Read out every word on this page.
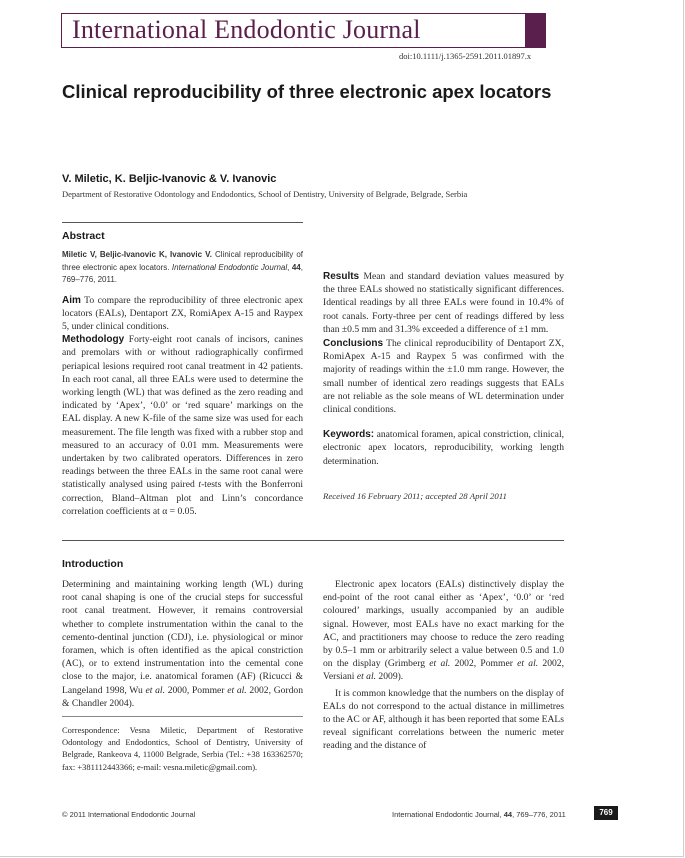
International Endodontic Journal
doi:10.1111/j.1365-2591.2011.01897.x
Clinical reproducibility of three electronic apex locators
V. Miletic, K. Beljic-Ivanovic & V. Ivanovic
Department of Restorative Odontology and Endodontics, School of Dentistry, University of Belgrade, Belgrade, Serbia
Abstract

Miletic V, Beljic-Ivanovic K, Ivanovic V. Clinical reproducibility of three electronic apex locators. International Endodontic Journal, 44, 769–776, 2011.

Aim To compare the reproducibility of three electronic apex locators (EALs), Dentaport ZX, RomiApex A-15 and Raypex 5, under clinical conditions.

Methodology Forty-eight root canals of incisors, canines and premolars with or without radiographically confirmed periapical lesions required root canal treatment in 42 patients. In each root canal, all three EALs were used to determine the working length (WL) that was defined as the zero reading and indicated by ‘Apex’, ‘0.0’ or ‘red square’ markings on the EAL display. A new K-file of the same size was used for each measurement. The file length was fixed with a rubber stop and measured to an accuracy of 0.01 mm. Measurements were undertaken by two calibrated operators. Differences in zero readings between the three EALs in the same root canal were statistically analysed using paired t-tests with the Bonferroni correction, Bland–Altman plot and Linn’s concordance correlation coefficients at α = 0.05.

Results Mean and standard deviation values measured by the three EALs showed no statistically significant differences. Identical readings by all three EALs were found in 10.4% of root canals. Forty-three per cent of readings differed by less than ±0.5 mm and 31.3% exceeded a difference of ±1 mm.

Conclusions The clinical reproducibility of Dentaport ZX, RomiApex A-15 and Raypex 5 was confirmed with the majority of readings within the ±1.0 mm range. However, the small number of identical zero readings suggests that EALs are not reliable as the sole means of WL determination under clinical conditions.

Keywords: anatomical foramen, apical constriction, clinical, electronic apex locators, reproducibility, working length determination.

Received 16 February 2011; accepted 28 April 2011
Introduction

Determining and maintaining working length (WL) during root canal shaping is one of the crucial steps for successful root canal treatment. However, it remains controversial whether to complete instrumentation within the canal to the cemento-dentinal junction (CDJ), i.e. physiological or minor foramen, which is often identified as the apical constriction (AC), or to extend instrumentation into the cemental cone close to the major, i.e. anatomical foramen (AF) (Ricucci & Langeland 1998, Wu et al. 2000, Pommer et al. 2002, Gordon & Chandler 2004).

Electronic apex locators (EALs) distinctively display the end-point of the root canal either as ‘Apex’, ‘0.0’ or ‘red coloured’ markings, usually accompanied by an audible signal. However, most EALs have no exact marking for the AC, and practitioners may choose to reduce the zero reading by 0.5–1 mm or arbitrarily select a value between 0.5 and 1.0 on the display (Grimberg et al. 2002, Pommer et al. 2002, Versiani et al. 2009).

It is common knowledge that the numbers on the display of EALs do not correspond to the actual distance in millimetres to the AC or AF, although it has been reported that some EALs reveal significant correlations between the numeric meter reading and the distance of

Correspondence: Vesna Miletic, Department of Restorative Odontology and Endodontics, School of Dentistry, University of Belgrade, Rankeova 4, 11000 Belgrade, Serbia (Tel.: +38 163362570; fax: +381112443366; e-mail: vesna.miletic@gmail.com).
© 2011 International Endodontic Journal	International Endodontic Journal, 44, 769–776, 2011	769
